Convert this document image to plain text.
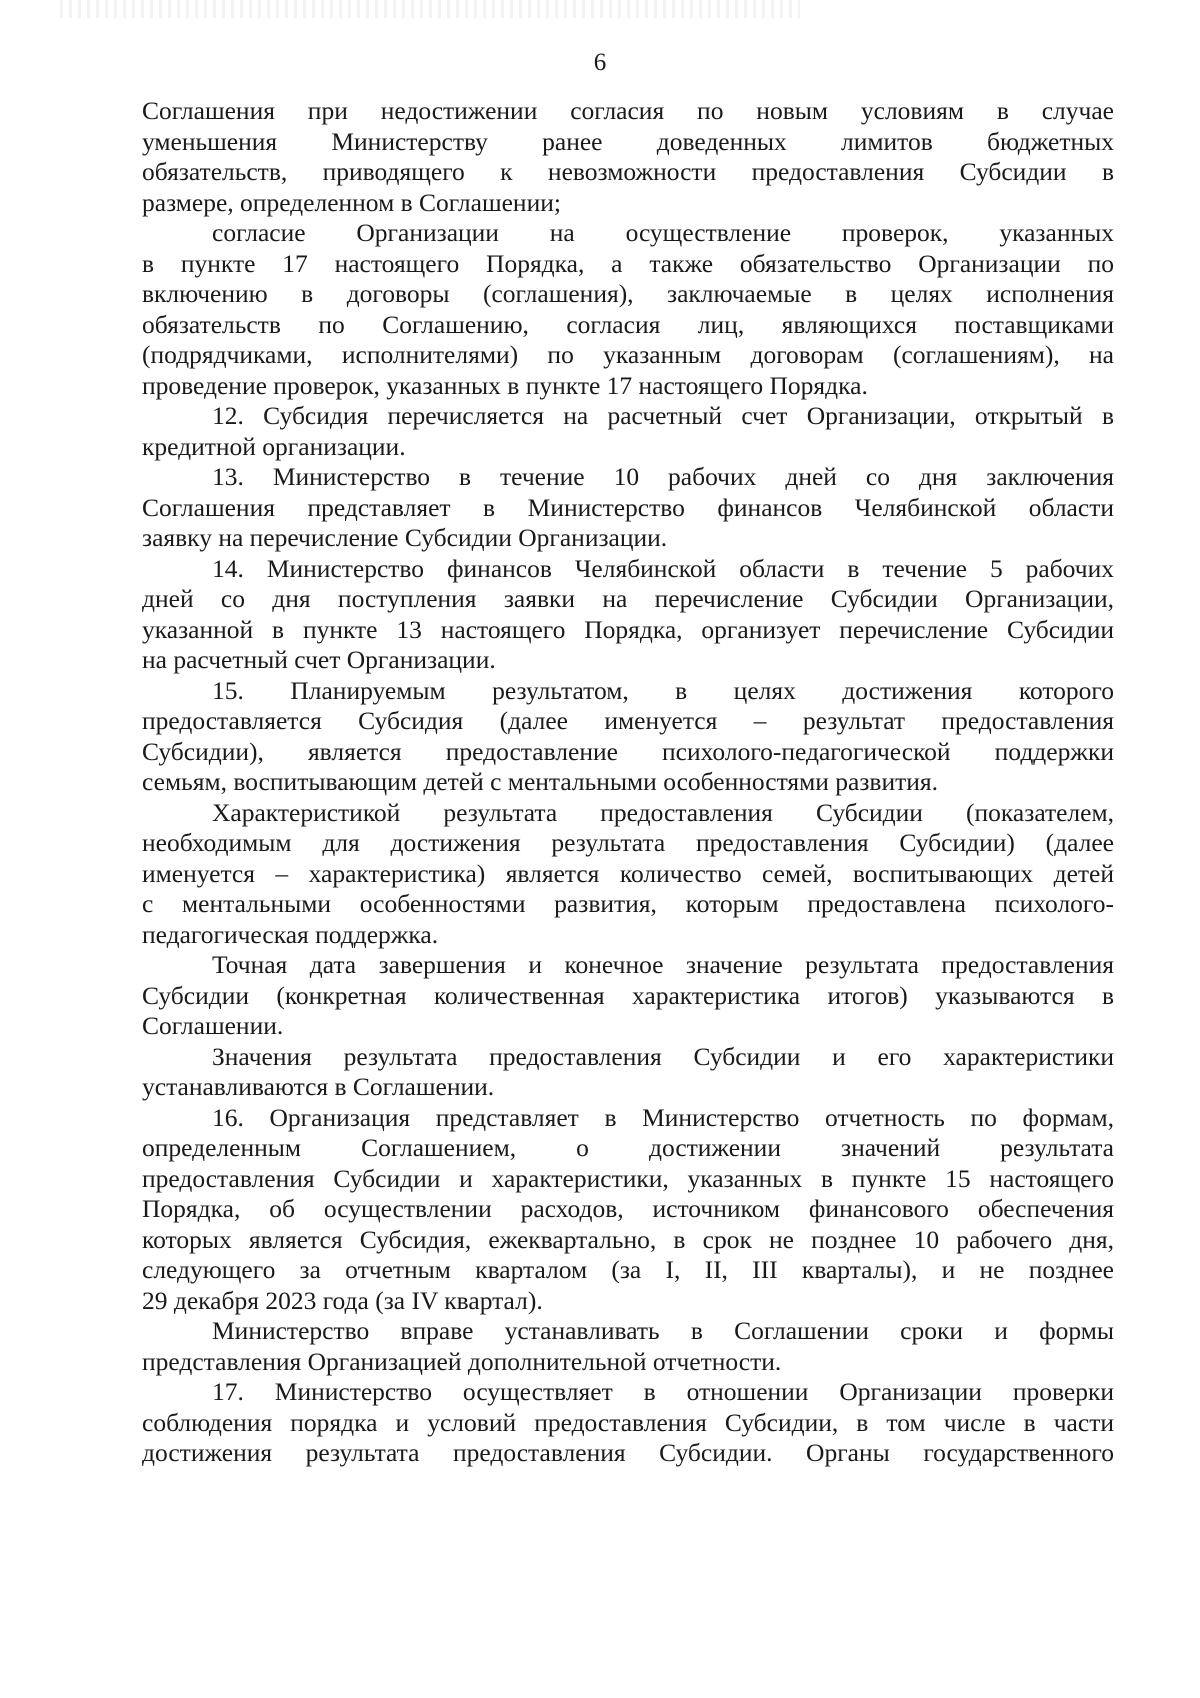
6
Соглашения при недостижении согласия по новым условиям в случае
уменьшения Министерству ранее доведенных лимитов бюджетных
обязательств, приводящего к невозможности предоставления Субсидии в
размере, определенном в Соглашении;
согласие Организации на осуществление проверок, указанных
в пункте 17 настоящего Порядка, а также обязательство Организации по
включению в договоры (соглашения), заключаемые в целях исполнения
обязательств по Соглашению, согласия лиц, являющихся поставщиками
(подрядчиками, исполнителями) по указанным договорам (соглашениям), на
проведение проверок, указанных в пункте 17 настоящего Порядка.
12. Субсидия перечисляется на расчетный счет Организации, открытый в
кредитной организации.
13. Министерство в течение 10 рабочих дней со дня заключения
Соглашения представляет в Министерство финансов Челябинской области
заявку на перечисление Субсидии Организации.
14. Министерство финансов Челябинской области в течение 5 рабочих
дней со дня поступления заявки на перечисление Субсидии Организации,
указанной в пункте 13 настоящего Порядка, организует перечисление Субсидии
на расчетный счет Организации.
15. Планируемым результатом, в целях достижения которого
предоставляется Субсидия (далее именуется – результат предоставления
Субсидии), является предоставление психолого-педагогической поддержки
семьям, воспитывающим детей с ментальными особенностями развития.
Характеристикой результата предоставления Субсидии (показателем,
необходимым для достижения результата предоставления Субсидии) (далее
именуется – характеристика) является количество семей, воспитывающих детей
с ментальными особенностями развития, которым предоставлена психолого-
педагогическая поддержка.
Точная дата завершения и конечное значение результата предоставления
Субсидии (конкретная количественная характеристика итогов) указываются в
Соглашении.
Значения результата предоставления Субсидии и его характеристики
устанавливаются в Соглашении.
16. Организация представляет в Министерство отчетность по формам,
определенным Соглашением, о достижении значений результата
предоставления Субсидии и характеристики, указанных в пункте 15 настоящего
Порядка, об осуществлении расходов, источником финансового обеспечения
которых является Субсидия, ежеквартально, в срок не позднее 10 рабочего дня,
следующего за отчетным кварталом (за I, II, III кварталы), и не позднее
29 декабря 2023 года (за IV квартал).
Министерство вправе устанавливать в Соглашении сроки и формы
представления Организацией дополнительной отчетности.
17. Министерство осуществляет в отношении Организации проверки
соблюдения порядка и условий предоставления Субсидии, в том числе в части
достижения результата предоставления Субсидии. Органы государственного
